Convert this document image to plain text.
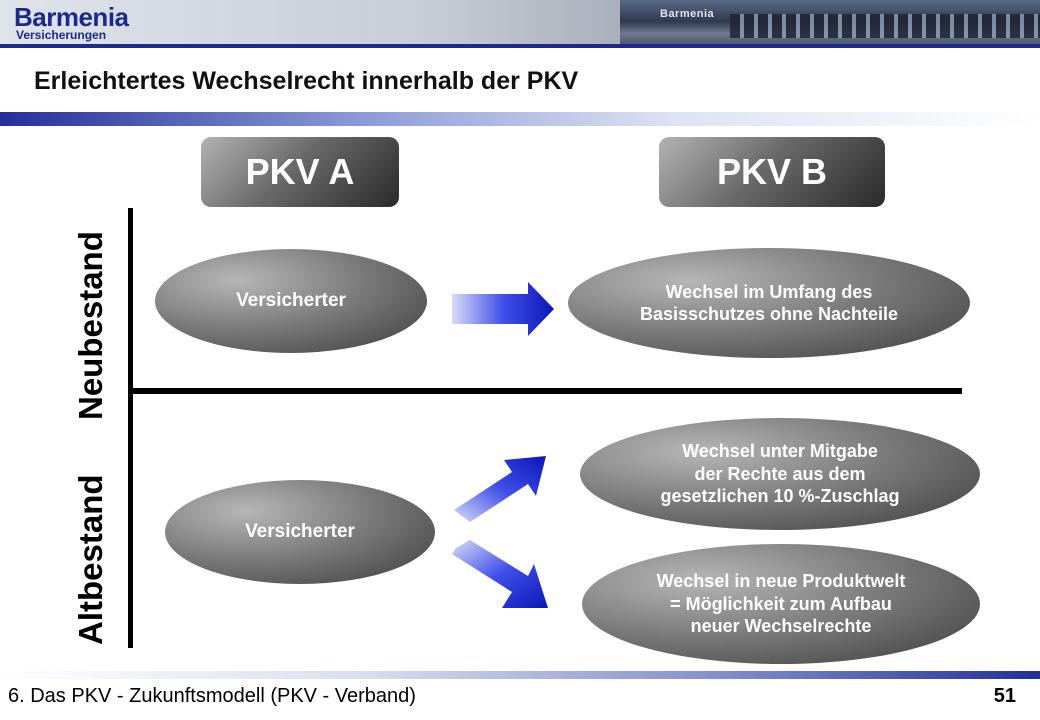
Barmenia
Barmenia
Versicherungen
Erleichtertes Wechselrecht innerhalb der PKV
PKV A	PKV B
Neubestand
Altbestand
Versicherter	Wechsel im Umfang des
Basisschutzes ohne Nachteile
Versicherter
Wechsel unter Mitgabe
der Rechte aus dem
gesetzlichen 10 %-Zuschlag
Wechsel in neue Produktwelt
= Möglichkeit zum Aufbau
neuer Wechselrechte
6. Das PKV - Zukunftsmodell (PKV - Verband)	51
